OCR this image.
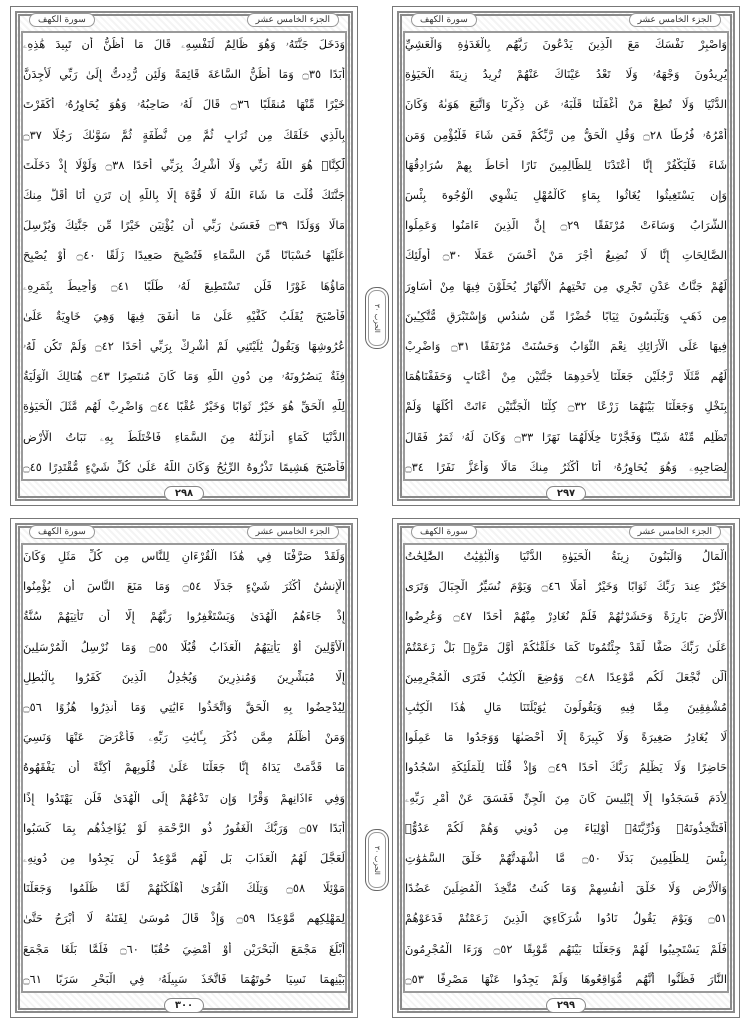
الجزء الخامس عشر
سورة الكهف
وَدَخَلَ جَنَّتَهُۥ وَهُوَ ظَالِمٌ لِّنَفْسِهِۦ قَالَ مَا أَظُنُّ أَن تَبِيدَ هَٰذِهِۦ
أَبَدًا ۝٣٥ وَمَا أَظُنُّ السَّاعَةَ قَائِمَةً وَلَئِن رُّدِدتُّ إِلَىٰ رَبِّي لَأَجِدَنَّ
خَيْرًا مِّنْهَا مُنقَلَبًا ۝٣٦ قَالَ لَهُۥ صَاحِبُهُۥ وَهُوَ يُحَاوِرُهُۥ أَكَفَرْتَ
بِالَّذِي خَلَقَكَ مِن تُرَابٍ ثُمَّ مِن نُّطْفَةٍ ثُمَّ سَوَّىٰكَ رَجُلًا ۝٣٧
لَّٰكِنَّا۠ هُوَ اللَّهُ رَبِّي وَلَا أُشْرِكُ بِرَبِّي أَحَدًا ۝٣٨ وَلَوْلَا إِذْ دَخَلْتَ
جَنَّتَكَ قُلْتَ مَا شَاءَ اللَّهُ لَا قُوَّةَ إِلَّا بِاللَّهِ إِن تَرَنِ أَنَا أَقَلَّ مِنكَ
مَالًا وَوَلَدًا ۝٣٩ فَعَسَىٰ رَبِّي أَن يُؤْتِيَنِ خَيْرًا مِّن جَنَّتِكَ وَيُرْسِلَ
عَلَيْهَا حُسْبَانًا مِّنَ السَّمَاءِ فَتُصْبِحَ صَعِيدًا زَلَقًا ۝٤٠ أَوْ يُصْبِحَ
مَاؤُهَا غَوْرًا فَلَن تَسْتَطِيعَ لَهُۥ طَلَبًا ۝٤١ وَأُحِيطَ بِثَمَرِهِۦ
فَأَصْبَحَ يُقَلِّبُ كَفَّيْهِ عَلَىٰ مَا أَنفَقَ فِيهَا وَهِيَ خَاوِيَةٌ عَلَىٰ
عُرُوشِهَا وَيَقُولُ يَٰلَيْتَنِي لَمْ أُشْرِكْ بِرَبِّي أَحَدًا ۝٤٢ وَلَمْ تَكُن لَّهُۥ
فِئَةٌ يَنصُرُونَهُۥ مِن دُونِ اللَّهِ وَمَا كَانَ مُنتَصِرًا ۝٤٣ هُنَالِكَ الْوَلَٰيَةُ
لِلَّهِ الْحَقِّ هُوَ خَيْرٌ ثَوَابًا وَخَيْرٌ عُقْبًا ۝٤٤ وَاضْرِبْ لَهُم مَّثَلَ الْحَيَوٰةِ
الدُّنْيَا كَمَاءٍ أَنزَلْنَٰهُ مِنَ السَّمَاءِ فَاخْتَلَطَ بِهِۦ نَبَاتُ الْأَرْضِ
فَأَصْبَحَ هَشِيمًا تَذْرُوهُ الرِّيَٰحُ وَكَانَ اللَّهُ عَلَىٰ كُلِّ شَيْءٍ مُّقْتَدِرًا ۝٤٥
٢٩٨
الحزب ٣٠
الجزء الخامس عشر
سورة الكهف
وَاصْبِرْ نَفْسَكَ مَعَ الَّذِينَ يَدْعُونَ رَبَّهُم بِالْغَدَوٰةِ وَالْعَشِيِّ
يُرِيدُونَ وَجْهَهُۥ وَلَا تَعْدُ عَيْنَاكَ عَنْهُمْ تُرِيدُ زِينَةَ الْحَيَوٰةِ
الدُّنْيَا وَلَا تُطِعْ مَنْ أَغْفَلْنَا قَلْبَهُۥ عَن ذِكْرِنَا وَاتَّبَعَ هَوَىٰهُ وَكَانَ
أَمْرُهُۥ فُرُطًا ۝٢٨ وَقُلِ الْحَقُّ مِن رَّبِّكُمْ فَمَن شَاءَ فَلْيُؤْمِن وَمَن
شَاءَ فَلْيَكْفُرْ إِنَّا أَعْتَدْنَا لِلظَّالِمِينَ نَارًا أَحَاطَ بِهِمْ سُرَادِقُهَا
وَإِن يَسْتَغِيثُوا يُغَاثُوا بِمَاءٍ كَالْمُهْلِ يَشْوِي الْوُجُوهَ بِئْسَ
الشَّرَابُ وَسَاءَتْ مُرْتَفَقًا ۝٢٩ إِنَّ الَّذِينَ ءَامَنُوا وَعَمِلُوا
الصَّالِحَاتِ إِنَّا لَا نُضِيعُ أَجْرَ مَنْ أَحْسَنَ عَمَلًا ۝٣٠ أُولَٰئِكَ
لَهُمْ جَنَّاتُ عَدْنٍ تَجْرِي مِن تَحْتِهِمُ الْأَنْهَارُ يُحَلَّوْنَ فِيهَا مِنْ أَسَاوِرَ
مِن ذَهَبٍ وَيَلْبَسُونَ ثِيَابًا خُضْرًا مِّن سُندُسٍ وَإِسْتَبْرَقٍ مُّتَّكِـِٔينَ
فِيهَا عَلَى الْأَرَائِكِ نِعْمَ الثَّوَابُ وَحَسُنَتْ مُرْتَفَقًا ۝٣١ وَاضْرِبْ
لَهُم مَّثَلًا رَّجُلَيْنِ جَعَلْنَا لِأَحَدِهِمَا جَنَّتَيْنِ مِنْ أَعْنَابٍ وَحَفَفْنَاهُمَا
بِنَخْلٍ وَجَعَلْنَا بَيْنَهُمَا زَرْعًا ۝٣٢ كِلْتَا الْجَنَّتَيْنِ ءَاتَتْ أُكُلَهَا وَلَمْ
تَظْلِم مِّنْهُ شَيْـًٔا وَفَجَّرْنَا خِلَالَهُمَا نَهَرًا ۝٣٣ وَكَانَ لَهُۥ ثَمَرٌ فَقَالَ
لِصَاحِبِهِۦ وَهُوَ يُحَاوِرُهُۥ أَنَا أَكْثَرُ مِنكَ مَالًا وَأَعَزُّ نَفَرًا ۝٣٤
٢٩٧
الجزء الخامس عشر
سورة الكهف
وَلَقَدْ صَرَّفْنَا فِي هَٰذَا الْقُرْءَانِ لِلنَّاسِ مِن كُلِّ مَثَلٍ وَكَانَ
الْإِنسَٰنُ أَكْثَرَ شَيْءٍ جَدَلًا ۝٥٤ وَمَا مَنَعَ النَّاسَ أَن يُؤْمِنُوا
إِذْ جَاءَهُمُ الْهُدَىٰ وَيَسْتَغْفِرُوا رَبَّهُمْ إِلَّا أَن تَأْتِيَهُمْ سُنَّةُ
الْأَوَّلِينَ أَوْ يَأْتِيَهُمُ الْعَذَابُ قُبُلًا ۝٥٥ وَمَا نُرْسِلُ الْمُرْسَلِينَ
إِلَّا مُبَشِّرِينَ وَمُنذِرِينَ وَيُجَٰدِلُ الَّذِينَ كَفَرُوا بِالْبَٰطِلِ
لِيُدْحِضُوا بِهِ الْحَقَّ وَاتَّخَذُوا ءَايَٰتِي وَمَا أُنذِرُوا هُزُوًا ۝٥٦
وَمَنْ أَظْلَمُ مِمَّن ذُكِّرَ بِـَٔايَٰتِ رَبِّهِۦ فَأَعْرَضَ عَنْهَا وَنَسِيَ
مَا قَدَّمَتْ يَدَاهُ إِنَّا جَعَلْنَا عَلَىٰ قُلُوبِهِمْ أَكِنَّةً أَن يَفْقَهُوهُ
وَفِي ءَاذَانِهِمْ وَقْرًا وَإِن تَدْعُهُمْ إِلَى الْهُدَىٰ فَلَن يَهْتَدُوا إِذًا
أَبَدًا ۝٥٧ وَرَبُّكَ الْغَفُورُ ذُو الرَّحْمَةِ لَوْ يُؤَاخِذُهُم بِمَا كَسَبُوا
لَعَجَّلَ لَهُمُ الْعَذَابَ بَل لَّهُم مَّوْعِدٌ لَّن يَجِدُوا مِن دُونِهِۦ
مَوْئِلًا ۝٥٨ وَتِلْكَ الْقُرَىٰ أَهْلَكْنَٰهُمْ لَمَّا ظَلَمُوا وَجَعَلْنَا
لِمَهْلِكِهِم مَّوْعِدًا ۝٥٩ وَإِذْ قَالَ مُوسَىٰ لِفَتَىٰهُ لَا أَبْرَحُ حَتَّىٰ
أَبْلُغَ مَجْمَعَ الْبَحْرَيْنِ أَوْ أَمْضِيَ حُقُبًا ۝٦٠ فَلَمَّا بَلَغَا مَجْمَعَ
بَيْنِهِمَا نَسِيَا حُوتَهُمَا فَاتَّخَذَ سَبِيلَهُۥ فِي الْبَحْرِ سَرَبًا ۝٦١
٣٠٠
الحزب ٣٠
الجزء الخامس عشر
سورة الكهف
الْمَالُ وَالْبَنُونَ زِينَةُ الْحَيَوٰةِ الدُّنْيَا وَالْبَٰقِيَٰتُ الصَّٰلِحَٰتُ
خَيْرٌ عِندَ رَبِّكَ ثَوَابًا وَخَيْرٌ أَمَلًا ۝٤٦ وَيَوْمَ نُسَيِّرُ الْجِبَالَ وَتَرَى
الْأَرْضَ بَارِزَةً وَحَشَرْنَٰهُمْ فَلَمْ نُغَادِرْ مِنْهُمْ أَحَدًا ۝٤٧ وَعُرِضُوا
عَلَىٰ رَبِّكَ صَفًّا لَّقَدْ جِئْتُمُونَا كَمَا خَلَقْنَٰكُمْ أَوَّلَ مَرَّةٍۭ بَلْ زَعَمْتُمْ
أَلَّن نَّجْعَلَ لَكُم مَّوْعِدًا ۝٤٨ وَوُضِعَ الْكِتَٰبُ فَتَرَى الْمُجْرِمِينَ
مُشْفِقِينَ مِمَّا فِيهِ وَيَقُولُونَ يَٰوَيْلَتَنَا مَالِ هَٰذَا الْكِتَٰبِ
لَا يُغَادِرُ صَغِيرَةً وَلَا كَبِيرَةً إِلَّا أَحْصَىٰهَا وَوَجَدُوا مَا عَمِلُوا
حَاضِرًا وَلَا يَظْلِمُ رَبُّكَ أَحَدًا ۝٤٩ وَإِذْ قُلْنَا لِلْمَلَٰئِكَةِ اسْجُدُوا
لِأَدَمَ فَسَجَدُوا إِلَّا إِبْلِيسَ كَانَ مِنَ الْجِنِّ فَفَسَقَ عَنْ أَمْرِ رَبِّهِۦ
أَفَتَتَّخِذُونَهُۥ وَذُرِّيَّتَهُۥ أَوْلِيَاءَ مِن دُونِي وَهُمْ لَكُمْ عَدُوٌّۢ
بِئْسَ لِلظَّٰلِمِينَ بَدَلًا ۝٥٠ مَّا أَشْهَدتُّهُمْ خَلْقَ السَّمَٰوَٰتِ
وَالْأَرْضِ وَلَا خَلْقَ أَنفُسِهِمْ وَمَا كُنتُ مُتَّخِذَ الْمُضِلِّينَ عَضُدًا
۝٥١ وَيَوْمَ يَقُولُ نَادُوا شُرَكَاءِيَ الَّذِينَ زَعَمْتُمْ فَدَعَوْهُمْ
فَلَمْ يَسْتَجِيبُوا لَهُمْ وَجَعَلْنَا بَيْنَهُم مَّوْبِقًا ۝٥٢ وَرَءَا الْمُجْرِمُونَ
النَّارَ فَظَنُّوا أَنَّهُم مُّوَاقِعُوهَا وَلَمْ يَجِدُوا عَنْهَا مَصْرِفًا ۝٥٣
٢٩٩
